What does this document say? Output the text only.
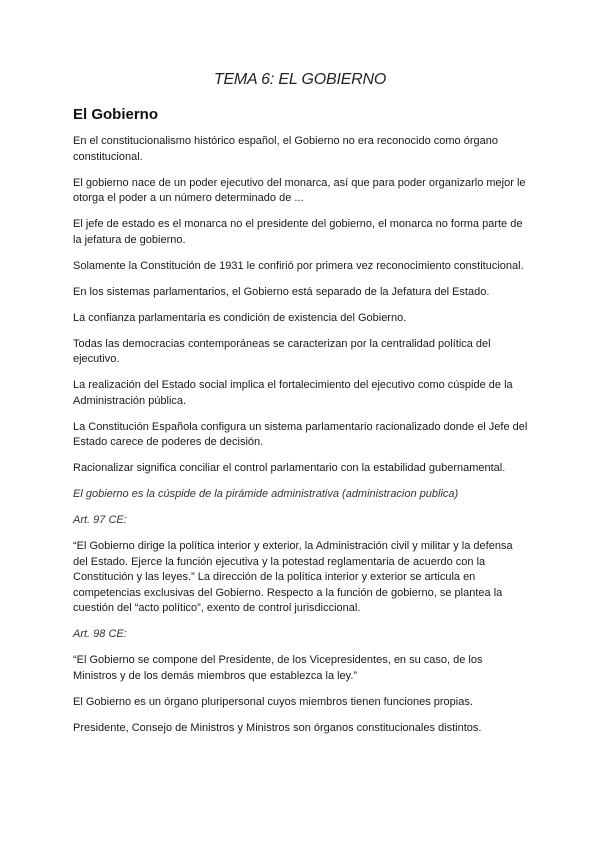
TEMA 6: EL GOBIERNO
El Gobierno

En el constitucionalismo histórico español, el Gobierno no era reconocido como órgano constitucional.

El gobierno nace de un poder ejecutivo del monarca, así que para poder organizarlo mejor le otorga el poder a un número determinado de ...

El jefe de estado es el monarca no el presidente del gobierno, el monarca no forma parte de la jefatura de gobierno.

Solamente la Constitución de 1931 le confirió por primera vez reconocimiento constitucional.

En los sistemas parlamentarios, el Gobierno está separado de la Jefatura del Estado.

La confianza parlamentaria es condición de existencia del Gobierno.

Todas las democracias contemporáneas se caracterizan por la centralidad política del ejecutivo.

La realización del Estado social implica el fortalecimiento del ejecutivo como cúspide de la Administración pública.

La Constitución Española configura un sistema parlamentario racionalizado donde el Jefe del Estado carece de poderes de decisión.

Racionalizar significa conciliar el control parlamentario con la estabilidad gubernamental.

El gobierno es la cúspide de la pirámide administrativa (administracion publica)

Art. 97 CE:

“El Gobierno dirige la política interior y exterior, la Administración civil y militar y la defensa del Estado. Ejerce la función ejecutiva y la potestad reglamentaria de acuerdo con la Constitución y las leyes.” La dirección de la política interior y exterior se articula en competencias exclusivas del Gobierno. Respecto a la función de gobierno, se plantea la cuestión del “acto político”, exento de control jurisdiccional.

Art. 98 CE:

“El Gobierno se compone del Presidente, de los Vicepresidentes, en su caso, de los Ministros y de los demás miembros que establezca la ley.”

El Gobierno es un órgano pluripersonal cuyos miembros tienen funciones propias.

Presidente, Consejo de Ministros y Ministros son órganos constitucionales distintos.
